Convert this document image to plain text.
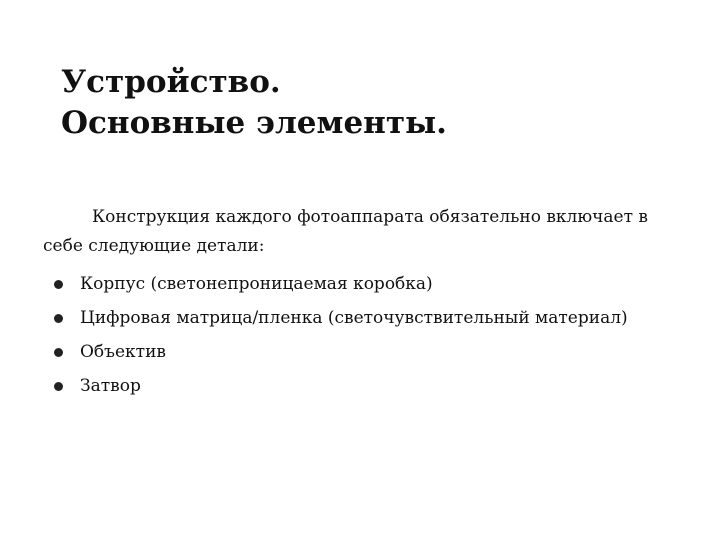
Устройство.
Основные элементы.

Конструкция каждого фотоаппарата обязательно включает в себе следующие детали:

Корпус (светонепроницаемая коробка)
Цифровая матрица/пленка (светочувствительный материал)
Объектив
Затвор
